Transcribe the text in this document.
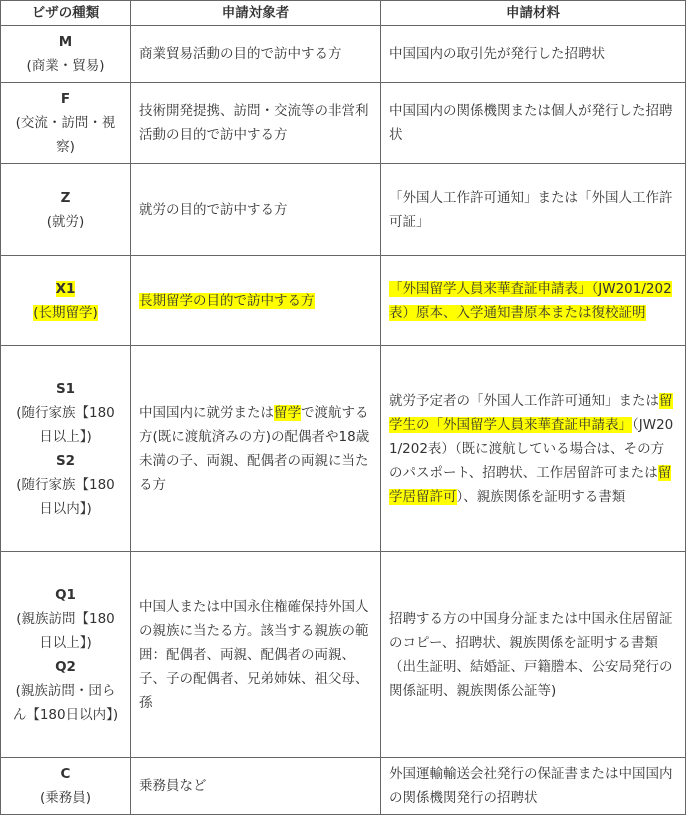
ビザの種類	申請対象者	申請材料

M
(商業・貿易)	商業貿易活動の目的で訪中する方	中国国内の取引先が発行した招聘状

F
(交流・訪問・視察)	技術開発提携、訪問・交流等の非営利活動の目的で訪中する方	中国国内の関係機関または個人が発行した招聘状

Z
(就労)	就労の目的で訪中する方	「外国人工作許可通知」または「外国人工作許可証」

X1
(长期留学)	長期留学の目的で訪中する方	「外国留学人員来華査証申請表」（JW201/202表）原本、入学通知書原本または復校証明

S1
(随行家族【180日以上】)
S2
(随行家族【180日以内】)	中国国内に就労または留学で渡航する方(既に渡航済みの方)の配偶者や18歳未満の子、両親、配偶者の両親に当たる方	就労予定者の「外国人工作許可通知」または留学生の「外国留学人員来華査証申請表」（JW201/202表）（既に渡航している場合は、その方のパスポート、招聘状、工作居留許可または留学居留許可）、親族関係を証明する書類

Q1
(親族訪問【180日以上】)
Q2
(親族訪問・団らん【180日以内】)	中国人または中国永住権確保持外国人の親族に当たる方。該当する親族の範囲：配偶者、両親、配偶者の両親、子、子の配偶者、兄弟姉妹、祖父母、孫	招聘する方の中国身分証または中国永住居留証のコピー、招聘状、親族関係を証明する書類（出生証明、結婚証、戸籍謄本、公安局発行の関係証明、親族関係公証等)

C
(乗務員)	乗務員など	外国運輸輸送会社発行の保証書または中国国内の関係機関発行の招聘状
